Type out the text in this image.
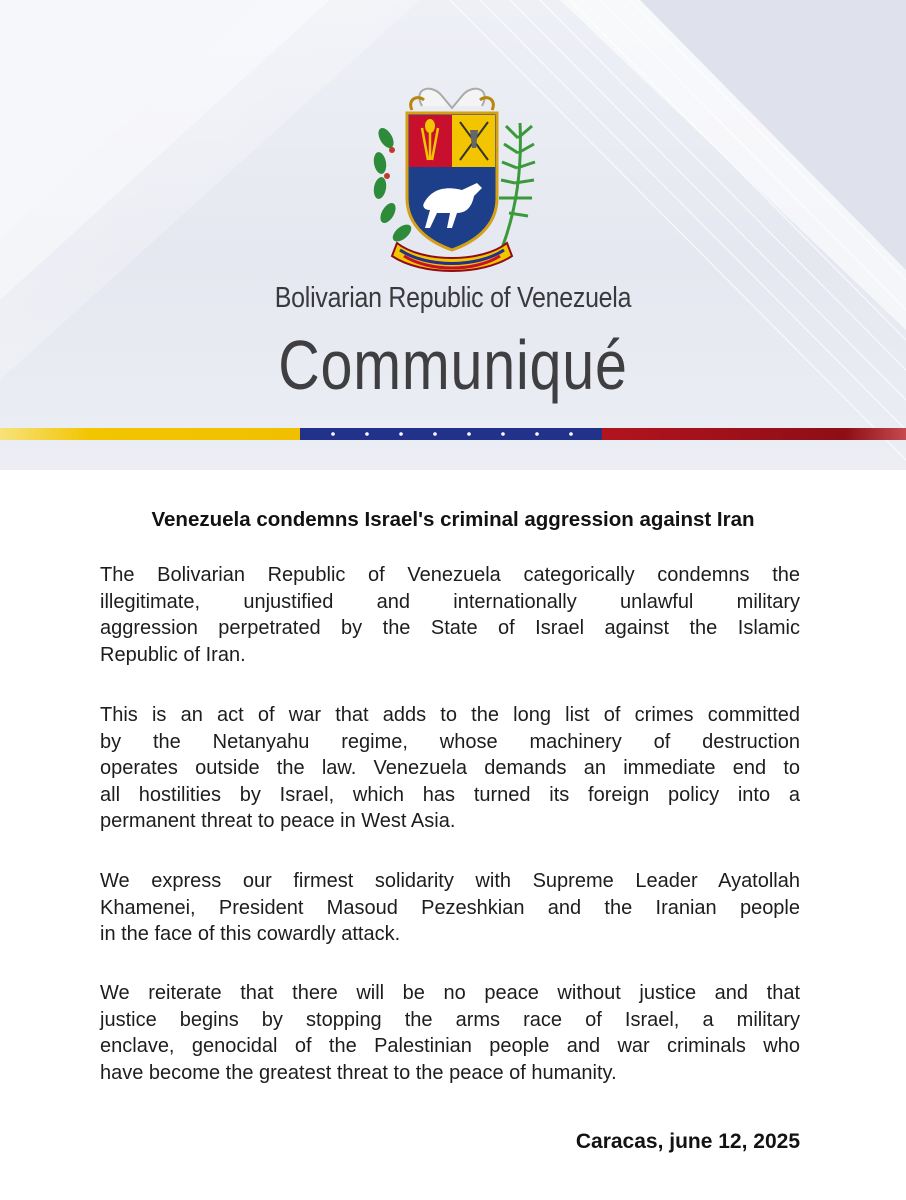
Bolivarian Republic of Venezuela
Communiqué
Venezuela condemns Israel's criminal aggression against Iran
The Bolivarian Republic of Venezuela categorically condemns the
illegitimate, unjustified and internationally unlawful military
aggression perpetrated by the State of Israel against the Islamic
Republic of Iran.
This is an act of war that adds to the long list of crimes committed
by the Netanyahu regime, whose machinery of destruction
operates outside the law. Venezuela demands an immediate end to
all hostilities by Israel, which has turned its foreign policy into a
permanent threat to peace in West Asia.
We express our firmest solidarity with Supreme Leader Ayatollah
Khamenei, President Masoud Pezeshkian and the Iranian people
in the face of this cowardly attack.
We reiterate that there will be no peace without justice and that
justice begins by stopping the arms race of Israel, a military
enclave, genocidal of the Palestinian people and war criminals who
have become the greatest threat to the peace of humanity.
Caracas, june 12, 2025
